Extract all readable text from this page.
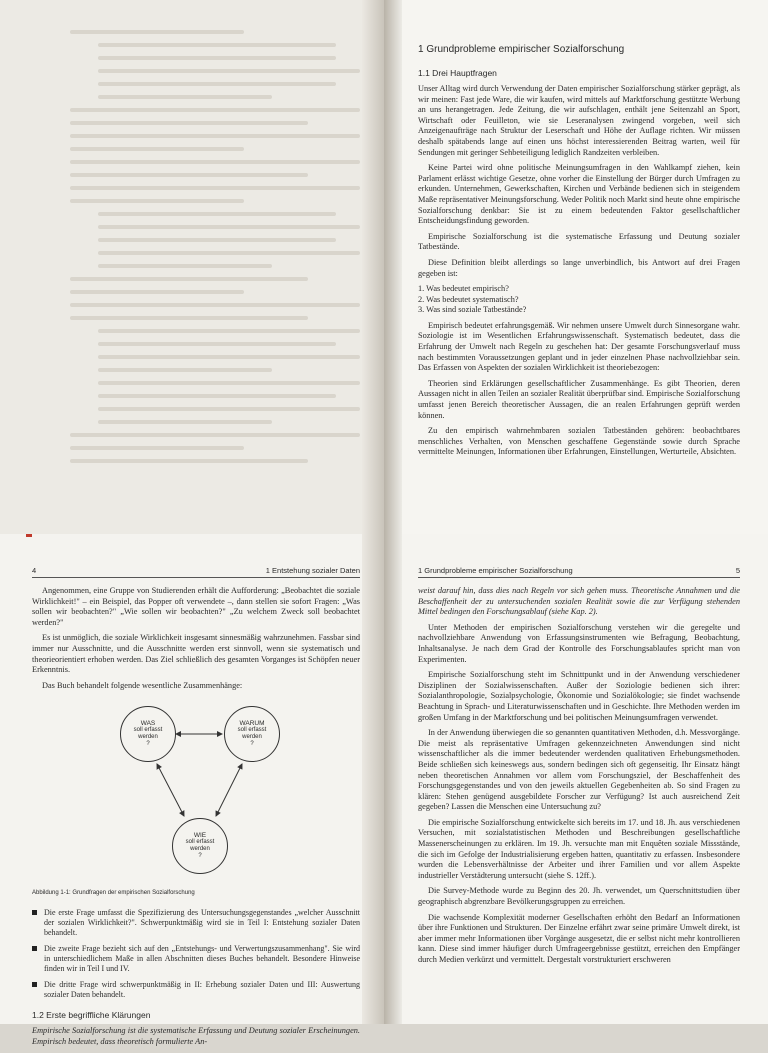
1 Grundprobleme empirischer Sozialforschung
1.1 Drei Hauptfragen

Unser Alltag wird durch Verwendung der Daten empirischer Sozialforschung stärker geprägt, als wir meinen: Fast jede Ware, die wir kaufen, wird mittels auf Marktforschung gestützte Werbung an uns herangetragen. Jede Zeitung, die wir aufschlagen, enthält jene Seitenzahl an Sport, Wirtschaft oder Feuilleton, wie sie Leseranalysen zwingend vorgeben, weil sich Anzeigenaufträge nach Struktur der Leserschaft und Höhe der Auflage richten. Wir müssen deshalb spätabends lange auf einen uns höchst interessierenden Beitrag warten, weil für Sendungen mit geringer Sehbeteiligung lediglich Randzeiten verbleiben.

Keine Partei wird ohne politische Meinungsumfragen in den Wahlkampf ziehen, kein Parlament erlässt wichtige Gesetze, ohne vorher die Einstellung der Bürger durch Umfragen zu erkunden. Unternehmen, Gewerkschaften, Kirchen und Verbände bedienen sich in steigendem Maße repräsentativer Meinungsforschung. Weder Politik noch Markt sind heute ohne empirische Sozialforschung denkbar: Sie ist zu einem bedeutenden Faktor gesellschaftlicher Entscheidungsfindung geworden.

Empirische Sozialforschung ist die systematische Erfassung und Deutung sozialer Tatbestände.

Diese Definition bleibt allerdings so lange unverbindlich, bis Antwort auf drei Fragen gegeben ist:

1. Was bedeutet empirisch?
2. Was bedeutet systematisch?
3. Was sind soziale Tatbestände?

Empirisch bedeutet erfahrungsgemäß. Wir nehmen unsere Umwelt durch Sinnesorgane wahr. Soziologie ist im Wesentlichen Erfahrungswissenschaft. Systematisch bedeutet, dass die Erfahrung der Umwelt nach Regeln zu geschehen hat: Der gesamte Forschungsverlauf muss nach bestimmten Voraussetzungen geplant und in jeder einzelnen Phase nachvollziehbar sein. Das Erfassen von Aspekten der sozialen Wirklichkeit ist theoriebezogen:

Theorien sind Erklärungen gesellschaftlicher Zusammenhänge. Es gibt Theorien, deren Aussagen nicht in allen Teilen an sozialer Realität überprüfbar sind. Empirische Sozialforschung umfasst jenen Bereich theoretischer Aussagen, die an realen Erfahrungen geprüft werden können.

Zu den empirisch wahrnehmbaren sozialen Tatbeständen gehören: beobachtbares menschliches Verhalten, von Menschen geschaffene Gegenstände sowie durch Sprache vermittelte Meinungen, Informationen über Erfahrungen, Einstellungen, Werturteile, Absichten.

4	1 Entstehung sozialer Daten

Angenommen, eine Gruppe von Studierenden erhält die Aufforderung: „Beobachtet die soziale Wirklichkeit!" – ein Beispiel, das Popper oft verwendete –, dann stellen sie sofort Fragen: „Was sollen wir beobachten?" „Wie sollen wir beobachten?" „Zu welchem Zweck soll beobachtet werden?"

Es ist unmöglich, die soziale Wirklichkeit insgesamt sinnesmäßig wahrzunehmen. Fassbar sind immer nur Ausschnitte, und die Ausschnitte werden erst sinnvoll, wenn sie systematisch und theorieorientiert erhoben werden. Das Ziel schließlich des gesamten Vorganges ist Schöpfen neuer Erkenntnis.

Das Buch behandelt folgende wesentliche Zusammenhänge:

WAS
soll erfasst
werden
?
WARUM
soll erfasst
werden
?
WIE
soll erfasst
werden
?
Abbildung 1-1: Grundfragen der empirischen Sozialforschung
Die erste Frage umfasst die Spezifizierung des Untersuchungsgegenstandes „welcher Ausschnitt der sozialen Wirklichkeit?". Schwerpunktmäßig wird sie in Teil I: Entstehung sozialer Daten behandelt.
Die zweite Frage bezieht sich auf den „Entstehungs- und Verwertungszusammenhang". Sie wird in unterschiedlichem Maße in allen Abschnitten dieses Buches behandelt. Besondere Hinweise finden wir in Teil I und IV.
Die dritte Frage wird schwerpunktmäßig in II: Erhebung sozialer Daten und III: Auswertung sozialer Daten behandelt.
1.2 Erste begriffliche Klärungen

Empirische Sozialforschung ist die systematische Erfassung und Deutung sozialer Erscheinungen. Empirisch bedeutet, dass theoretisch formulierte An-

1 Grundprobleme empirischer Sozialforschung	5

weist darauf hin, dass dies nach Regeln vor sich gehen muss. Theoretische Annahmen und die Beschaffenheit der zu untersuchenden sozialen Realität sowie die zur Verfügung stehenden Mittel bedingen den Forschungsablauf (siehe Kap. 2).

Unter Methoden der empirischen Sozialforschung verstehen wir die geregelte und nachvollziehbare Anwendung von Erfassungsinstrumenten wie Befragung, Beobachtung, Inhaltsanalyse. Je nach dem Grad der Kontrolle des Forschungsablaufes spricht man von Experimenten.

Empirische Sozialforschung steht im Schnittpunkt und in der Anwendung verschiedener Disziplinen der Sozialwissenschaften. Außer der Soziologie bedienen sich ihrer: Sozialanthropologie, Sozialpsychologie, Ökonomie und Sozialökologie; sie findet wachsende Beachtung in Sprach- und Literaturwissenschaften und in Geschichte. Ihre Methoden werden im großen Umfang in der Marktforschung und bei politischen Meinungsumfragen verwendet.

In der Anwendung überwiegen die so genannten quantitativen Methoden, d.h. Messvorgänge. Die meist als repräsentative Umfragen gekennzeichneten Anwendungen sind nicht wissenschaftlicher als die immer bedeutender werdenden qualitativen Erhebungsmethoden. Beide schließen sich keineswegs aus, sondern bedingen sich oft gegenseitig. Ihr Einsatz hängt neben theoretischen Annahmen vor allem vom Forschungsziel, der Beschaffenheit des Forschungsgegenstandes und von den jeweils aktuellen Gegebenheiten ab. So sind Fragen zu klären: Stehen genügend ausgebildete Forscher zur Verfügung? Ist auch ausreichend Zeit gegeben? Lassen die Menschen eine Untersuchung zu?

Die empirische Sozialforschung entwickelte sich bereits im 17. und 18. Jh. aus verschiedenen Versuchen, mit sozialstatistischen Methoden und Beschreibungen gesellschaftliche Massenerscheinungen zu erklären. Im 19. Jh. versuchte man mit Enquêten soziale Missstände, die sich im Gefolge der Industrialisierung ergeben hatten, quantitativ zu erfassen. Insbesondere wurden die Lebensverhältnisse der Arbeiter und ihrer Familien und vor allem Aspekte industrieller Verstädterung untersucht (siehe S. 12ff.).

Die Survey-Methode wurde zu Beginn des 20. Jh. verwendet, um Querschnittstudien über geographisch abgrenzbare Bevölkerungsgruppen zu erreichen.

Die wachsende Komplexität moderner Gesellschaften erhöht den Bedarf an Informationen über ihre Funktionen und Strukturen. Der Einzelne erfährt zwar seine primäre Umwelt direkt, ist aber immer mehr Informationen über Vorgänge ausgesetzt, die er selbst nicht mehr kontrollieren kann. Diese sind immer häufiger durch Umfrageergebnisse gestützt, erreichen den Empfänger durch Medien verkürzt und vermittelt. Dergestalt vorstrukturiert erschweren
